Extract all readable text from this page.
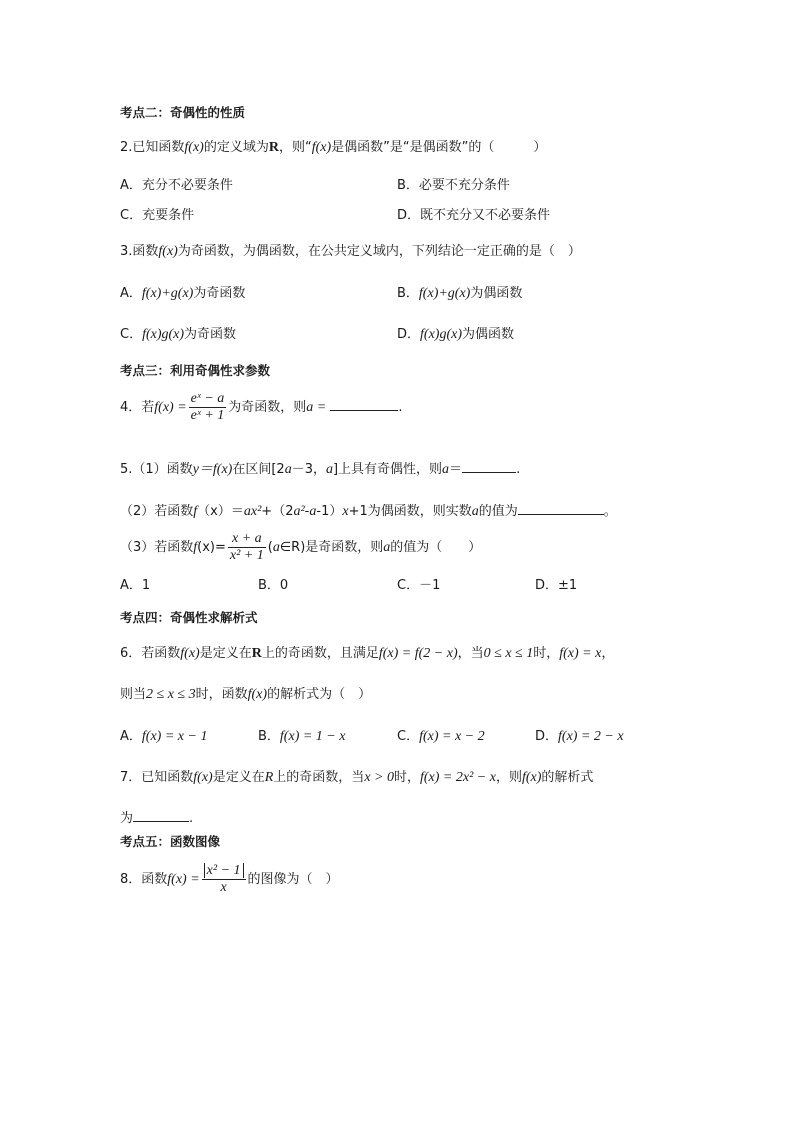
考点二：奇偶性的性质
2.已知函数f(x)的定义域为R，则“f(x)是偶函数”是“是偶函数”的（　　　）
A．充分不必要条件	B．必要不充分条件
C．充要条件	D．既不充分又不必要条件
3.函数f(x)为奇函数，为偶函数，在公共定义域内，下列结论一定正确的是（　）
A．f(x)+g(x)为奇函数	B．f(x)+g(x)为偶函数
C．f(x)g(x)为奇函数	D．f(x)g(x)为偶函数
考点三：利用奇偶性求参数
4．若$f(x) = \frac{\text{eˣ − a}}{\text{eˣ + 1}}$ 为奇函数，则a =	.
5.（1）函数y＝f(x)在区间[2a－3，a]上具有奇偶性，则a＝	.
（2）若函数f（x）＝ax²+（2a²-a-1）x+1为偶函数，则实数a的值为	。
（3）若函数$f(x)= \frac{x + a}{\text{x² + 1}}$ (a∈R)是奇函数，则a的值为（　　）
A．1	B．0	C．－1	D．±1
考点四：奇偶性求解析式
6．若函数f(x)是定义在R上的奇函数，且满足f(x) = f(2 − x)，当0 ≤ x ≤ 1时，f(x) = x，
则当2 ≤ x ≤ 3时，函数f(x)的解析式为（　）
A．f(x) = x − 1	B．f(x) = 1 − x	C．f(x) = x − 2	D．f(x) = 2 − x
7．已知函数f(x)是定义在R上的奇函数，当x > 0时，f(x) = 2x² − x，则f(x)的解析式
为	.
考点五：函数图像
8．函数$f(x) = \frac{\text{x² − 1}}{x}$ 的图像为（　）
